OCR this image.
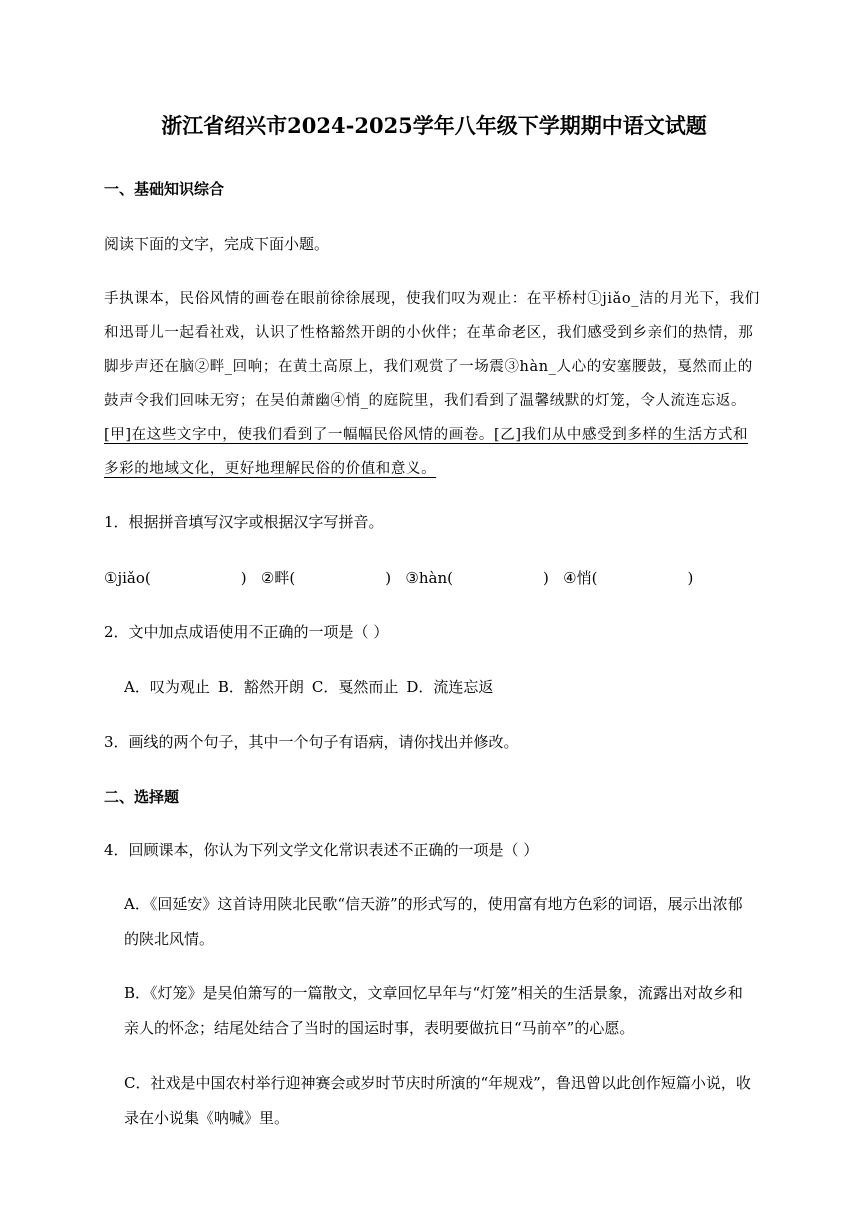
浙江省绍兴市2024-2025学年八年级下学期期中语文试题
一、基础知识综合
阅读下面的文字，完成下面小题。
手执课本，民俗风情的画卷在眼前徐徐展现，使我们叹为观止：在平桥村①jiǎo_洁的月光下，我们
和迅哥儿一起看社戏，认识了性格豁然开朗的小伙伴；在革命老区，我们感受到乡亲们的热情，那
脚步声还在脑②畔_回响；在黄土高原上，我们观赏了一场震③hàn_人心的安塞腰鼓，戛然而止的
鼓声令我们回味无穷；在吴伯萧幽④悄_的庭院里，我们看到了温馨绒默的灯笼，令人流连忘返。
[甲]在这些文字中，使我们看到了一幅幅民俗风情的画卷。[乙]我们从中感受到多样的生活方式和
多彩的地域文化，更好地理解民俗的价值和意义。
1．根据拼音填写汉字或根据汉字写拼音。
①jiǎo(	) ②畔(	) ③hàn(	) ④悄(	)
2．文中加点成语使用不正确的一项是（ ）
A．叹为观止 B．豁然开朗 C．戛然而止 D．流连忘返
3．画线的两个句子，其中一个句子有语病，请你找出并修改。
二、选择题
4．回顾课本，你认为下列文学文化常识表述不正确的一项是（ ）
A．《回延安》这首诗用陕北民歌“信天游”的形式写的，使用富有地方色彩的词语，展示出浓郁
的陕北风情。
B．《灯笼》是吴伯箫写的一篇散文，文章回忆早年与“灯笼”相关的生活景象，流露出对故乡和
亲人的怀念；结尾处结合了当时的国运时事，表明要做抗日“马前卒”的心愿。
C．社戏是中国农村举行迎神赛会或岁时节庆时所演的“年规戏”，鲁迅曾以此创作短篇小说，收
录在小说集《呐喊》里。
